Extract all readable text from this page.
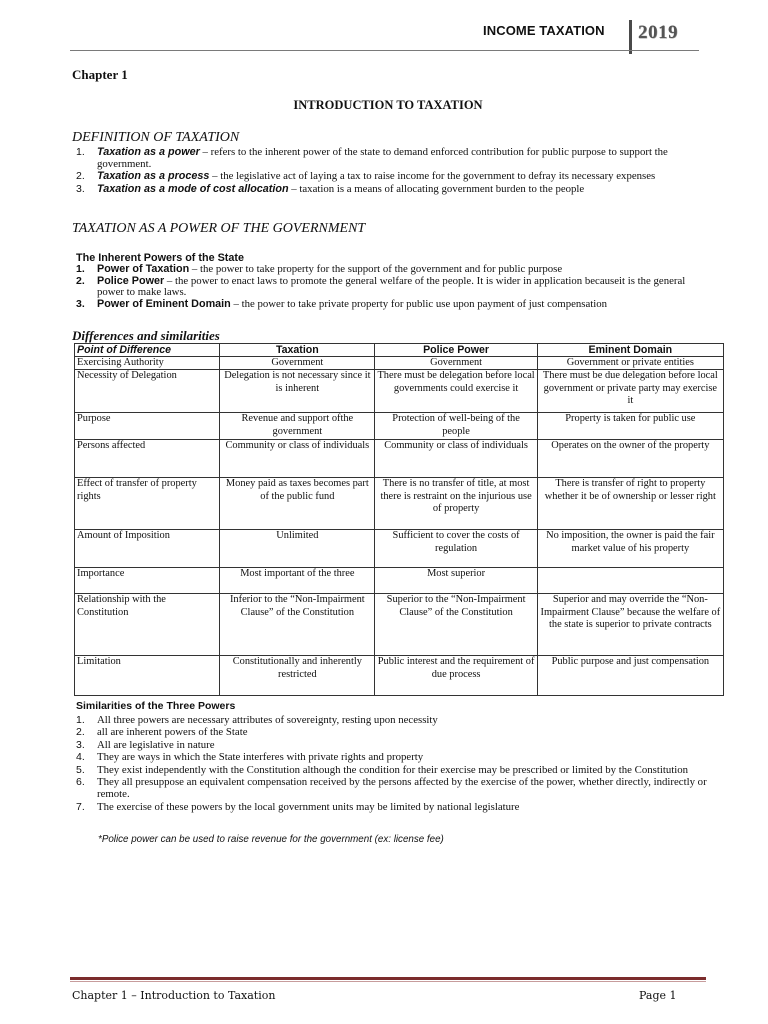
INCOME TAXATION 2019
Chapter 1
INTRODUCTION TO TAXATION
DEFINITION OF TAXATION
1. Taxation as a power – refers to the inherent power of the state to demand enforced contribution for public purpose to support the government.
2. Taxation as a process – the legislative act of laying a tax to raise income for the government to defray its necessary expenses
3. Taxation as a mode of cost allocation – taxation is a means of allocating government burden to the people
TAXATION AS A POWER OF THE GOVERNMENT
The Inherent Powers of the State
1. Power of Taxation – the power to take property for the support of the government and for public purpose
2. Police Power – the power to enact laws to promote the general welfare of the people. It is wider in application becauseit is the general power to make laws.
3. Power of Eminent Domain – the power to take private property for public use upon payment of just compensation
Differences and similarities
Point of Difference	Taxation	Police Power	Eminent Domain
Exercising Authority	Government	Government	Government or private entities
Necessity of Delegation	Delegation is not necessary since it is inherent	There must be delegation before local governments could exercise it	There must be due delegation before local government or private party may exercise it
Purpose	Revenue and support ofthe government	Protection of well-being of the people	Property is taken for public use
Persons affected	Community or class of individuals	Community or class of individuals	Operates on the owner of the property
Effect of transfer of property rights	Money paid as taxes becomes part of the public fund	There is no transfer of title, at most there is restraint on the injurious use of property	There is transfer of right to property whether it be of ownership or lesser right
Amount of Imposition	Unlimited	Sufficient to cover the costs of regulation	No imposition, the owner is paid the fair market value of his property
Importance	Most important of the three	Most superior	
Relationship with the Constitution	Inferior to the “Non-Impairment Clause” of the Constitution	Superior to the “Non-Impairment Clause” of the Constitution	Superior and may override the “Non-Impairment Clause” because the welfare of the state is superior to private contracts
Limitation	Constitutionally and inherently restricted	Public interest and the requirement of due process	Public purpose and just compensation
Similarities of the Three Powers
1. All three powers are necessary attributes of sovereignty, resting upon necessity
2. all are inherent powers of the State
3. All are legislative in nature
4. They are ways in which the State interferes with private rights and property
5. They exist independently with the Constitution although the condition for their exercise may be prescribed or limited by the Constitution
6. They all presuppose an equivalent compensation received by the persons affected by the exercise of the power, whether directly, indirectly or remote.
7. The exercise of these powers by the local government units may be limited by national legislature
*Police power can be used to raise revenue for the government (ex: license fee)
Chapter 1 – Introduction to Taxation	Page 1
